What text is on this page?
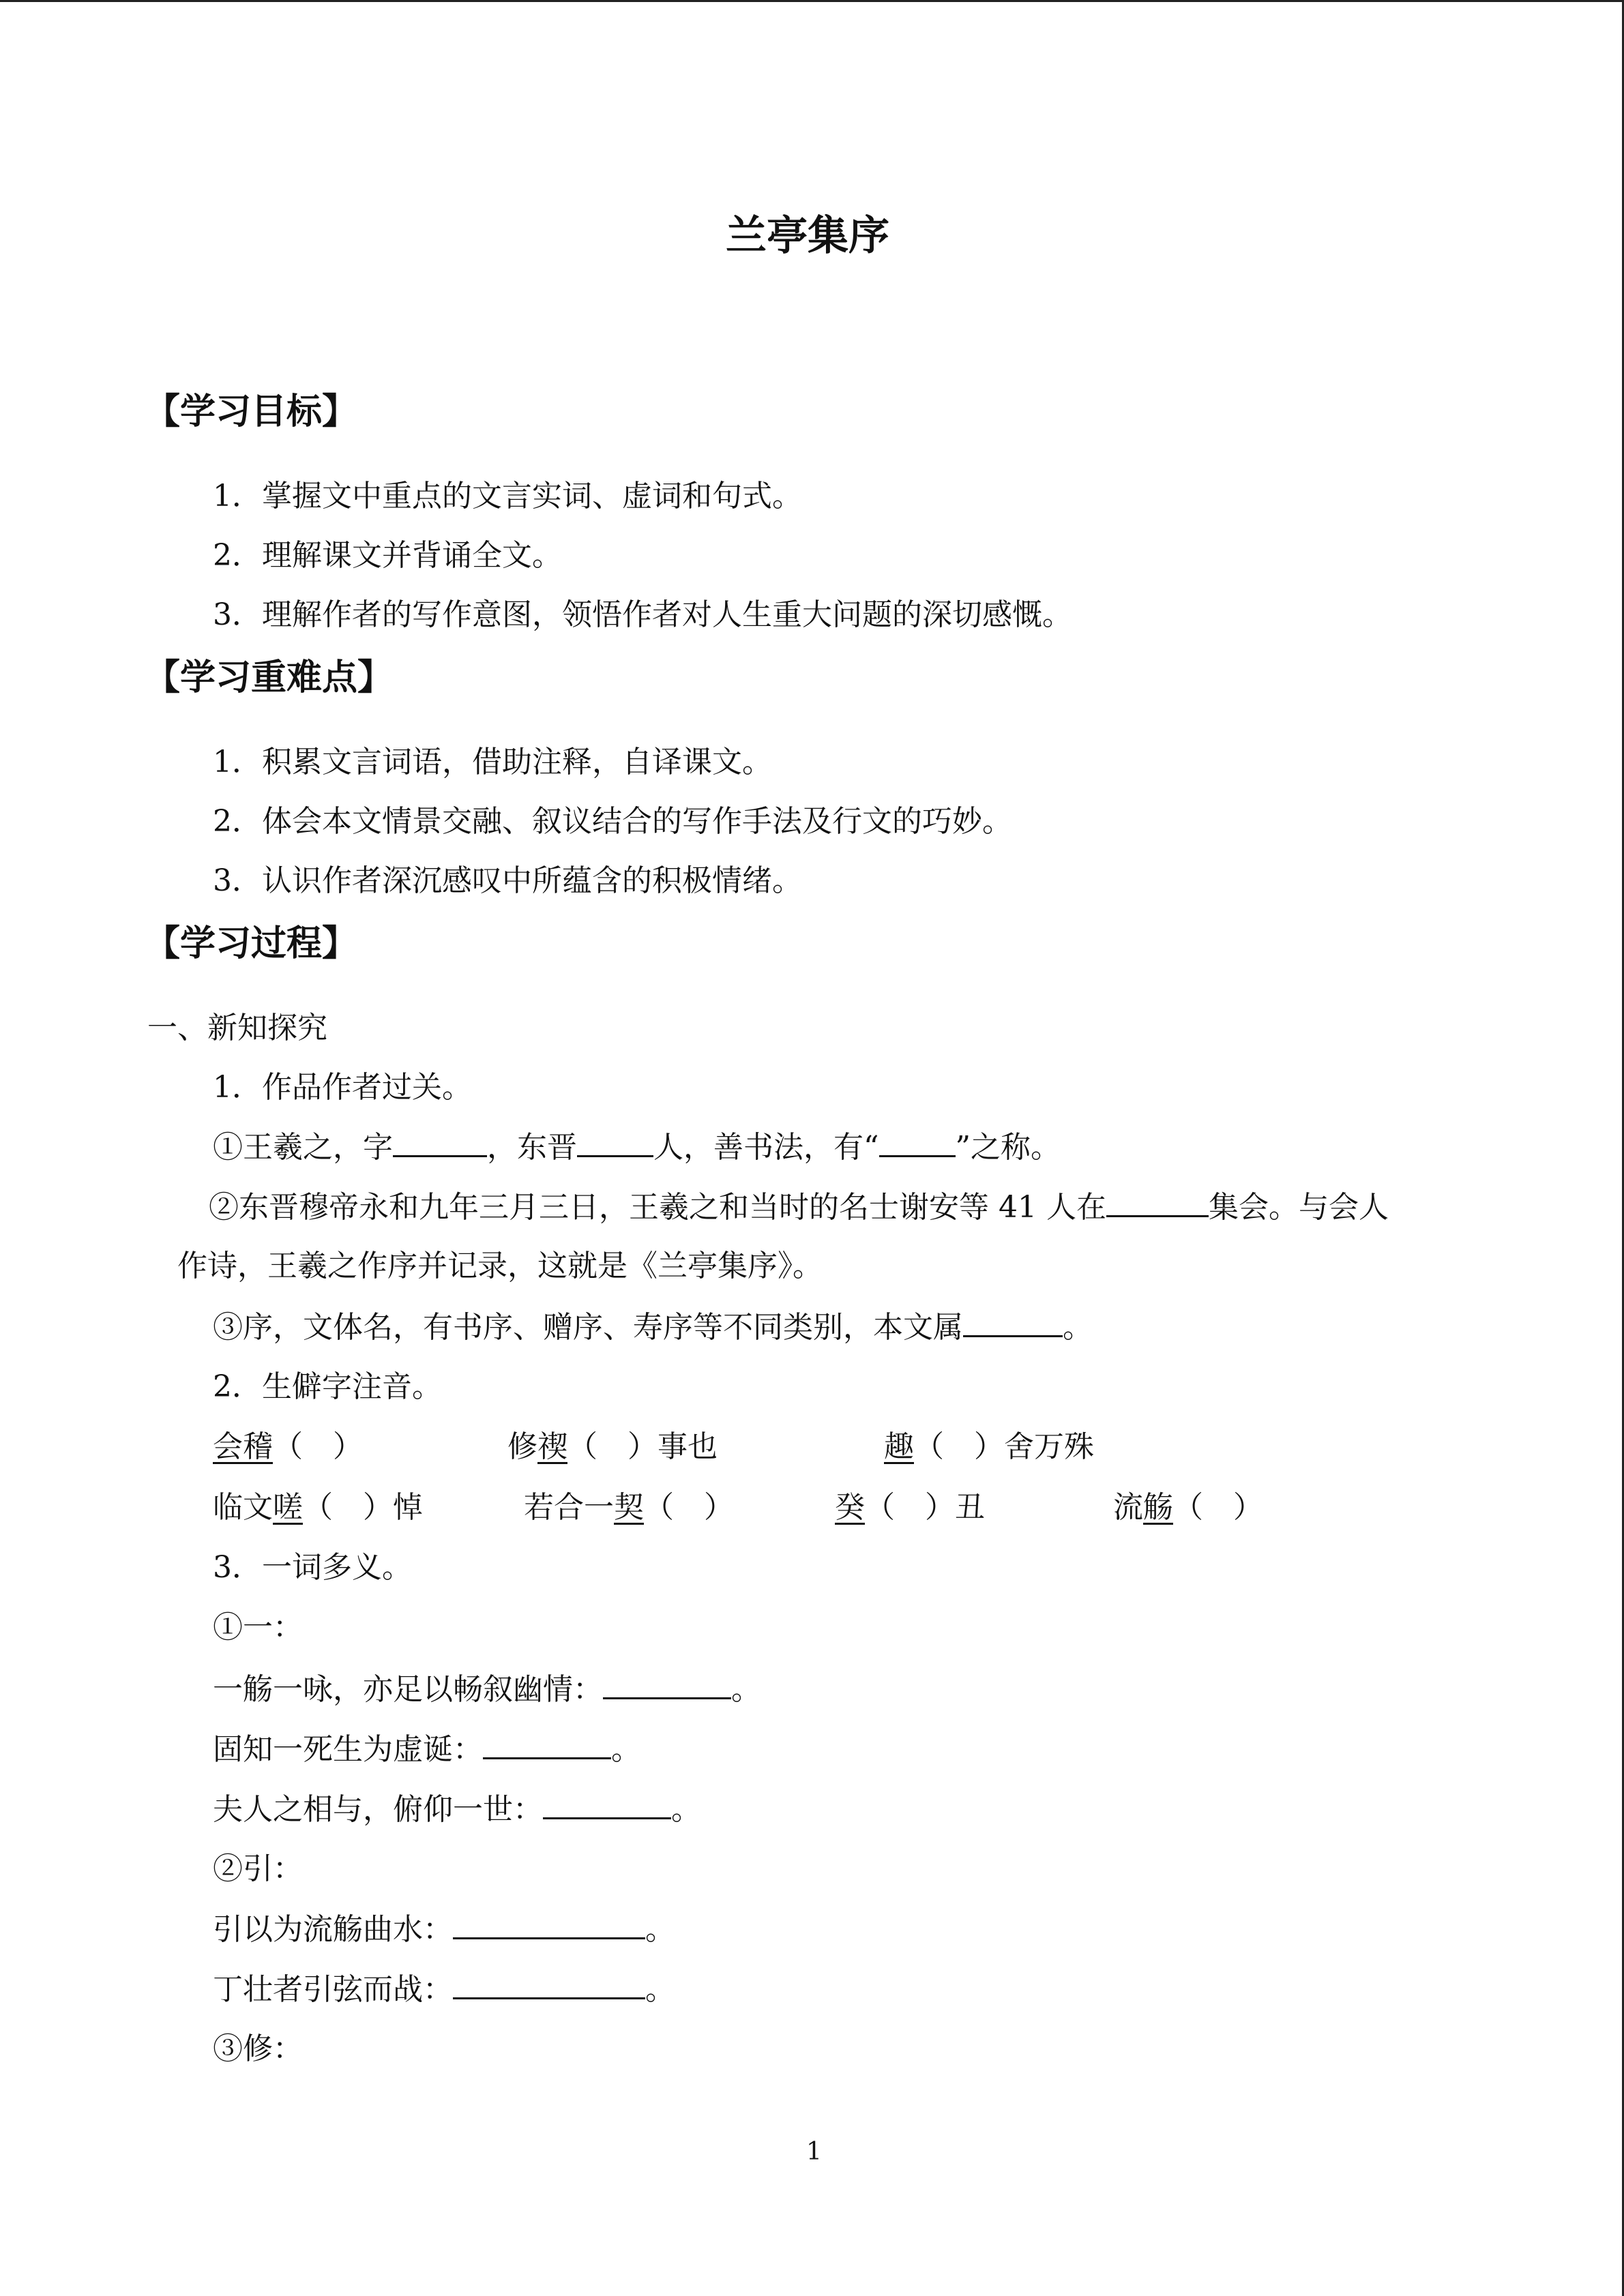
兰亭集序
【学习目标】
1．掌握文中重点的文言实词、虚词和句式。
2．理解课文并背诵全文。
3．理解作者的写作意图，领悟作者对人生重大问题的深切感慨。
【学习重难点】
1．积累文言词语，借助注释，自译课文。
2．体会本文情景交融、叙议结合的写作手法及行文的巧妙。
3．认识作者深沉感叹中所蕴含的积极情绪。
【学习过程】
一、新知探究
1．作品作者过关。
①王羲之，字	，东晋	人，善书法，有“	”之称。
②东晋穆帝永和九年三月三日，王羲之和当时的名士谢安等 41 人在	集会。与会人
作诗，王羲之作序并记录，这就是《兰亭集序》。
③序，文体名，有书序、赠序、寿序等不同类别，本文属	。
2．生僻字注音。
会稽（　）	修禊（　）事也	趣（　）舍万殊
临文嗟（　）悼	若合一契（　）	癸（　）丑	流觞（　）
3．一词多义。
①一：
一觞一咏，亦足以畅叙幽情：	。
固知一死生为虚诞：	。
夫人之相与，俯仰一世：	。
②引：
引以为流觞曲水：	。
丁壮者引弦而战：	。
③修：
1
